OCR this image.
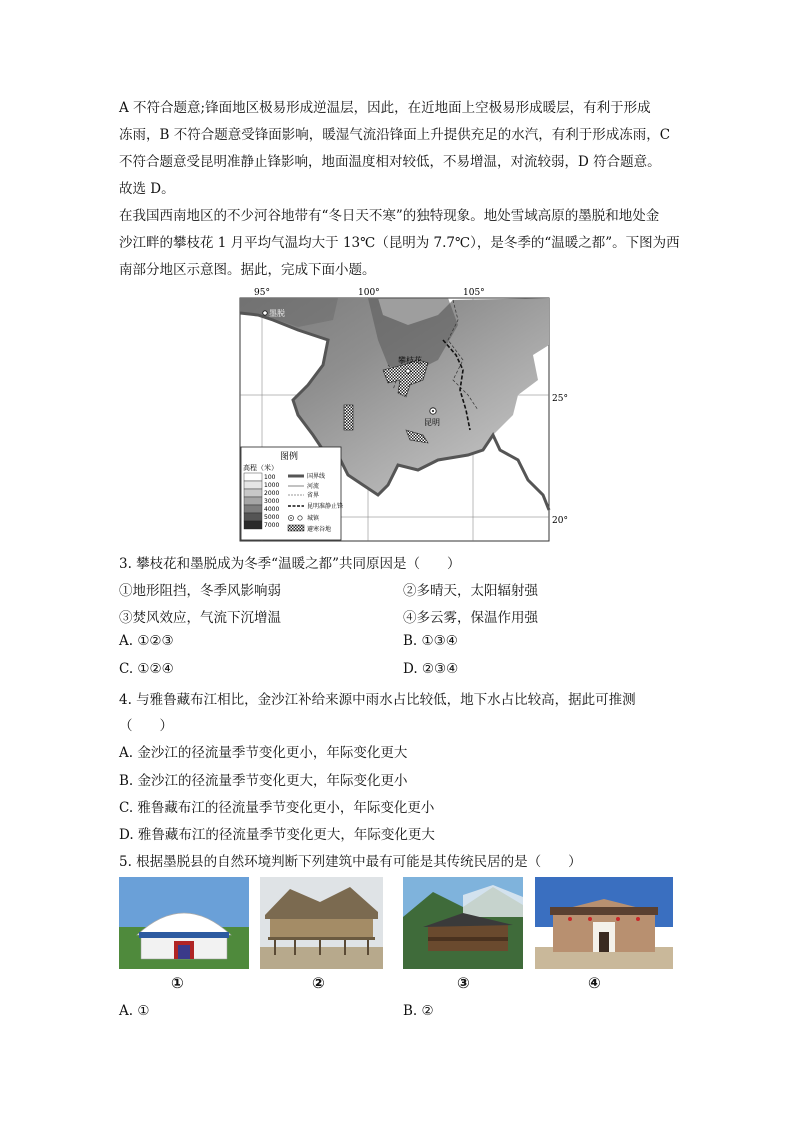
A 不符合题意;锋面地区极易形成逆温层，因此，在近地面上空极易形成暖层，有利于形成
冻雨，B 不符合题意受锋面影响，暖湿气流沿锋面上升提供充足的水汽，有利于形成冻雨，C
不符合题意受昆明准静止锋影响，地面温度相对较低，不易增温，对流较弱，D 符合题意。
故选 D。
在我国西南地区的不少河谷地带有“冬日天不寒”的独特现象。地处雪域高原的墨脱和地处金
沙江畔的攀枝花 1 月平均气温均大于 13℃（昆明为 7.7℃），是冬季的“温暖之都”。下图为西
南部分地区示意图。据此，完成下面小题。
95°	100°	105°
25°
20°
墨脱
攀枝花
昆明
图例
高程（米）
100
1000
2000
3000
4000
5000
7000
国界线
河流
省界
昆明准静止锋
城镇
避寒谷地
3. 攀枝花和墨脱成为冬季“温暖之都”共同原因是（　　）
①地形阻挡，冬季风影响弱	②多晴天，太阳辐射强
③焚风效应，气流下沉增温	④多云雾，保温作用强
A. ①②③	B. ①③④
C. ①②④	D. ②③④
4. 与雅鲁藏布江相比，金沙江补给来源中雨水占比较低，地下水占比较高，据此可推测
（　　）
A. 金沙江的径流量季节变化更小，年际变化更大
B. 金沙江的径流量季节变化更大，年际变化更小
C. 雅鲁藏布江的径流量季节变化更小，年际变化更小
D. 雅鲁藏布江的径流量季节变化更大，年际变化更大
5. 根据墨脱县的自然环境判断下列建筑中最有可能是其传统民居的是（　　）
①	②	③	④
A. ①	B. ②
